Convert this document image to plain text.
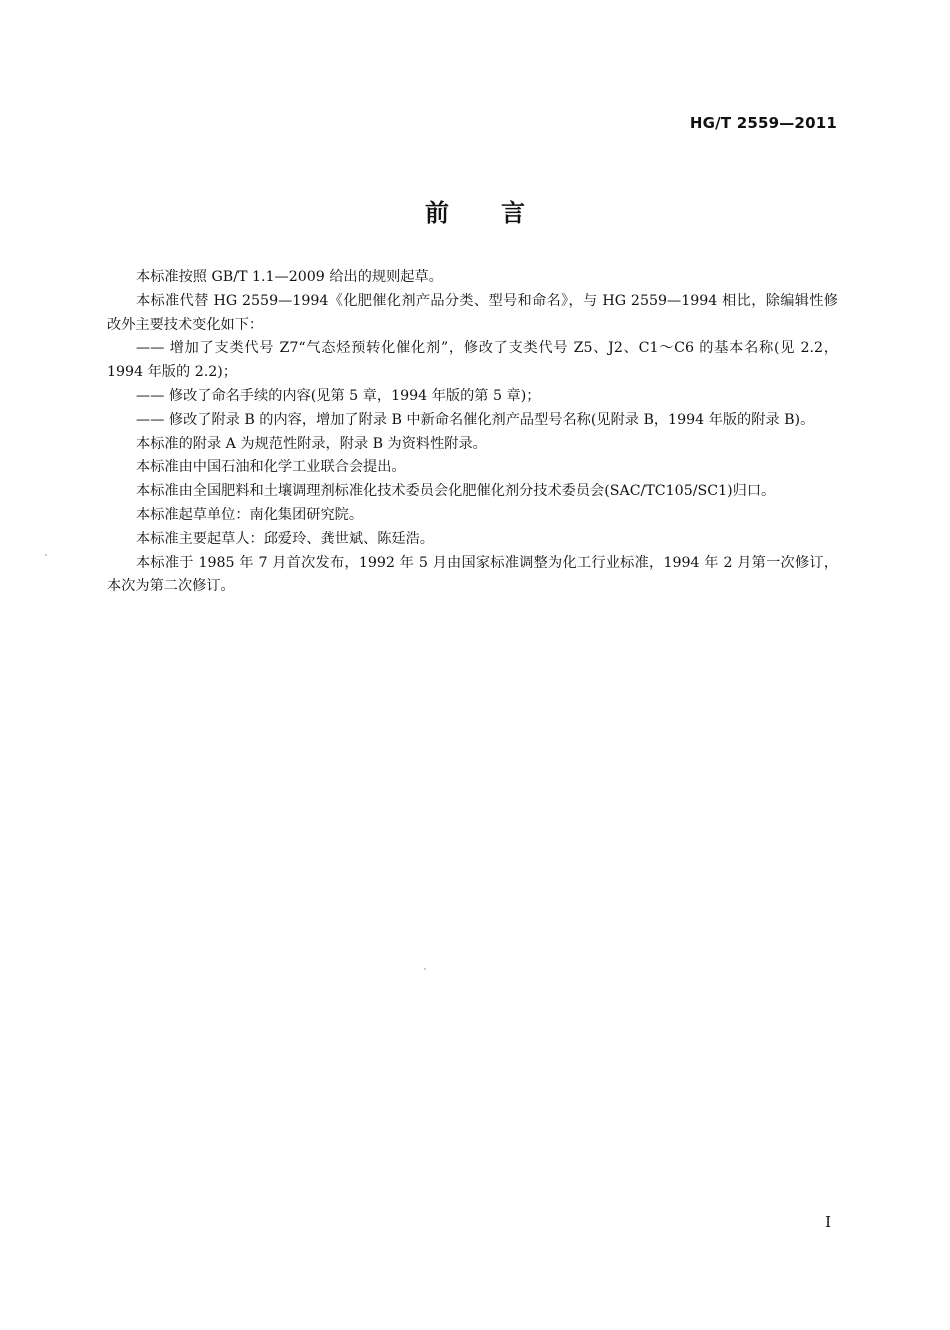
HG/T 2559—2011
前言

本标准按照 GB/T 1.1—2009 给出的规则起草。

本标准代替 HG 2559—1994《化肥催化剂产品分类、型号和命名》，与 HG 2559—1994 相比，除编辑性修改外主要技术变化如下：

—— 增加了支类代号 Z7“气态烃预转化催化剂”，修改了支类代号 Z5、J2、C1～C6 的基本名称(见 2.2，1994 年版的 2.2)；

—— 修改了命名手续的内容(见第 5 章，1994 年版的第 5 章)；

—— 修改了附录 B 的内容，增加了附录 B 中新命名催化剂产品型号名称(见附录 B，1994 年版的附录 B)。

本标准的附录 A 为规范性附录，附录 B 为资料性附录。

本标准由中国石油和化学工业联合会提出。

本标准由全国肥料和土壤调理剂标准化技术委员会化肥催化剂分技术委员会(SAC/TC105/SC1)归口。

本标准起草单位：南化集团研究院。

本标准主要起草人：邱爱玲、龚世斌、陈廷浩。

本标准于 1985 年 7 月首次发布，1992 年 5 月由国家标准调整为化工行业标准，1994 年 2 月第一次修订，本次为第二次修订。

I
